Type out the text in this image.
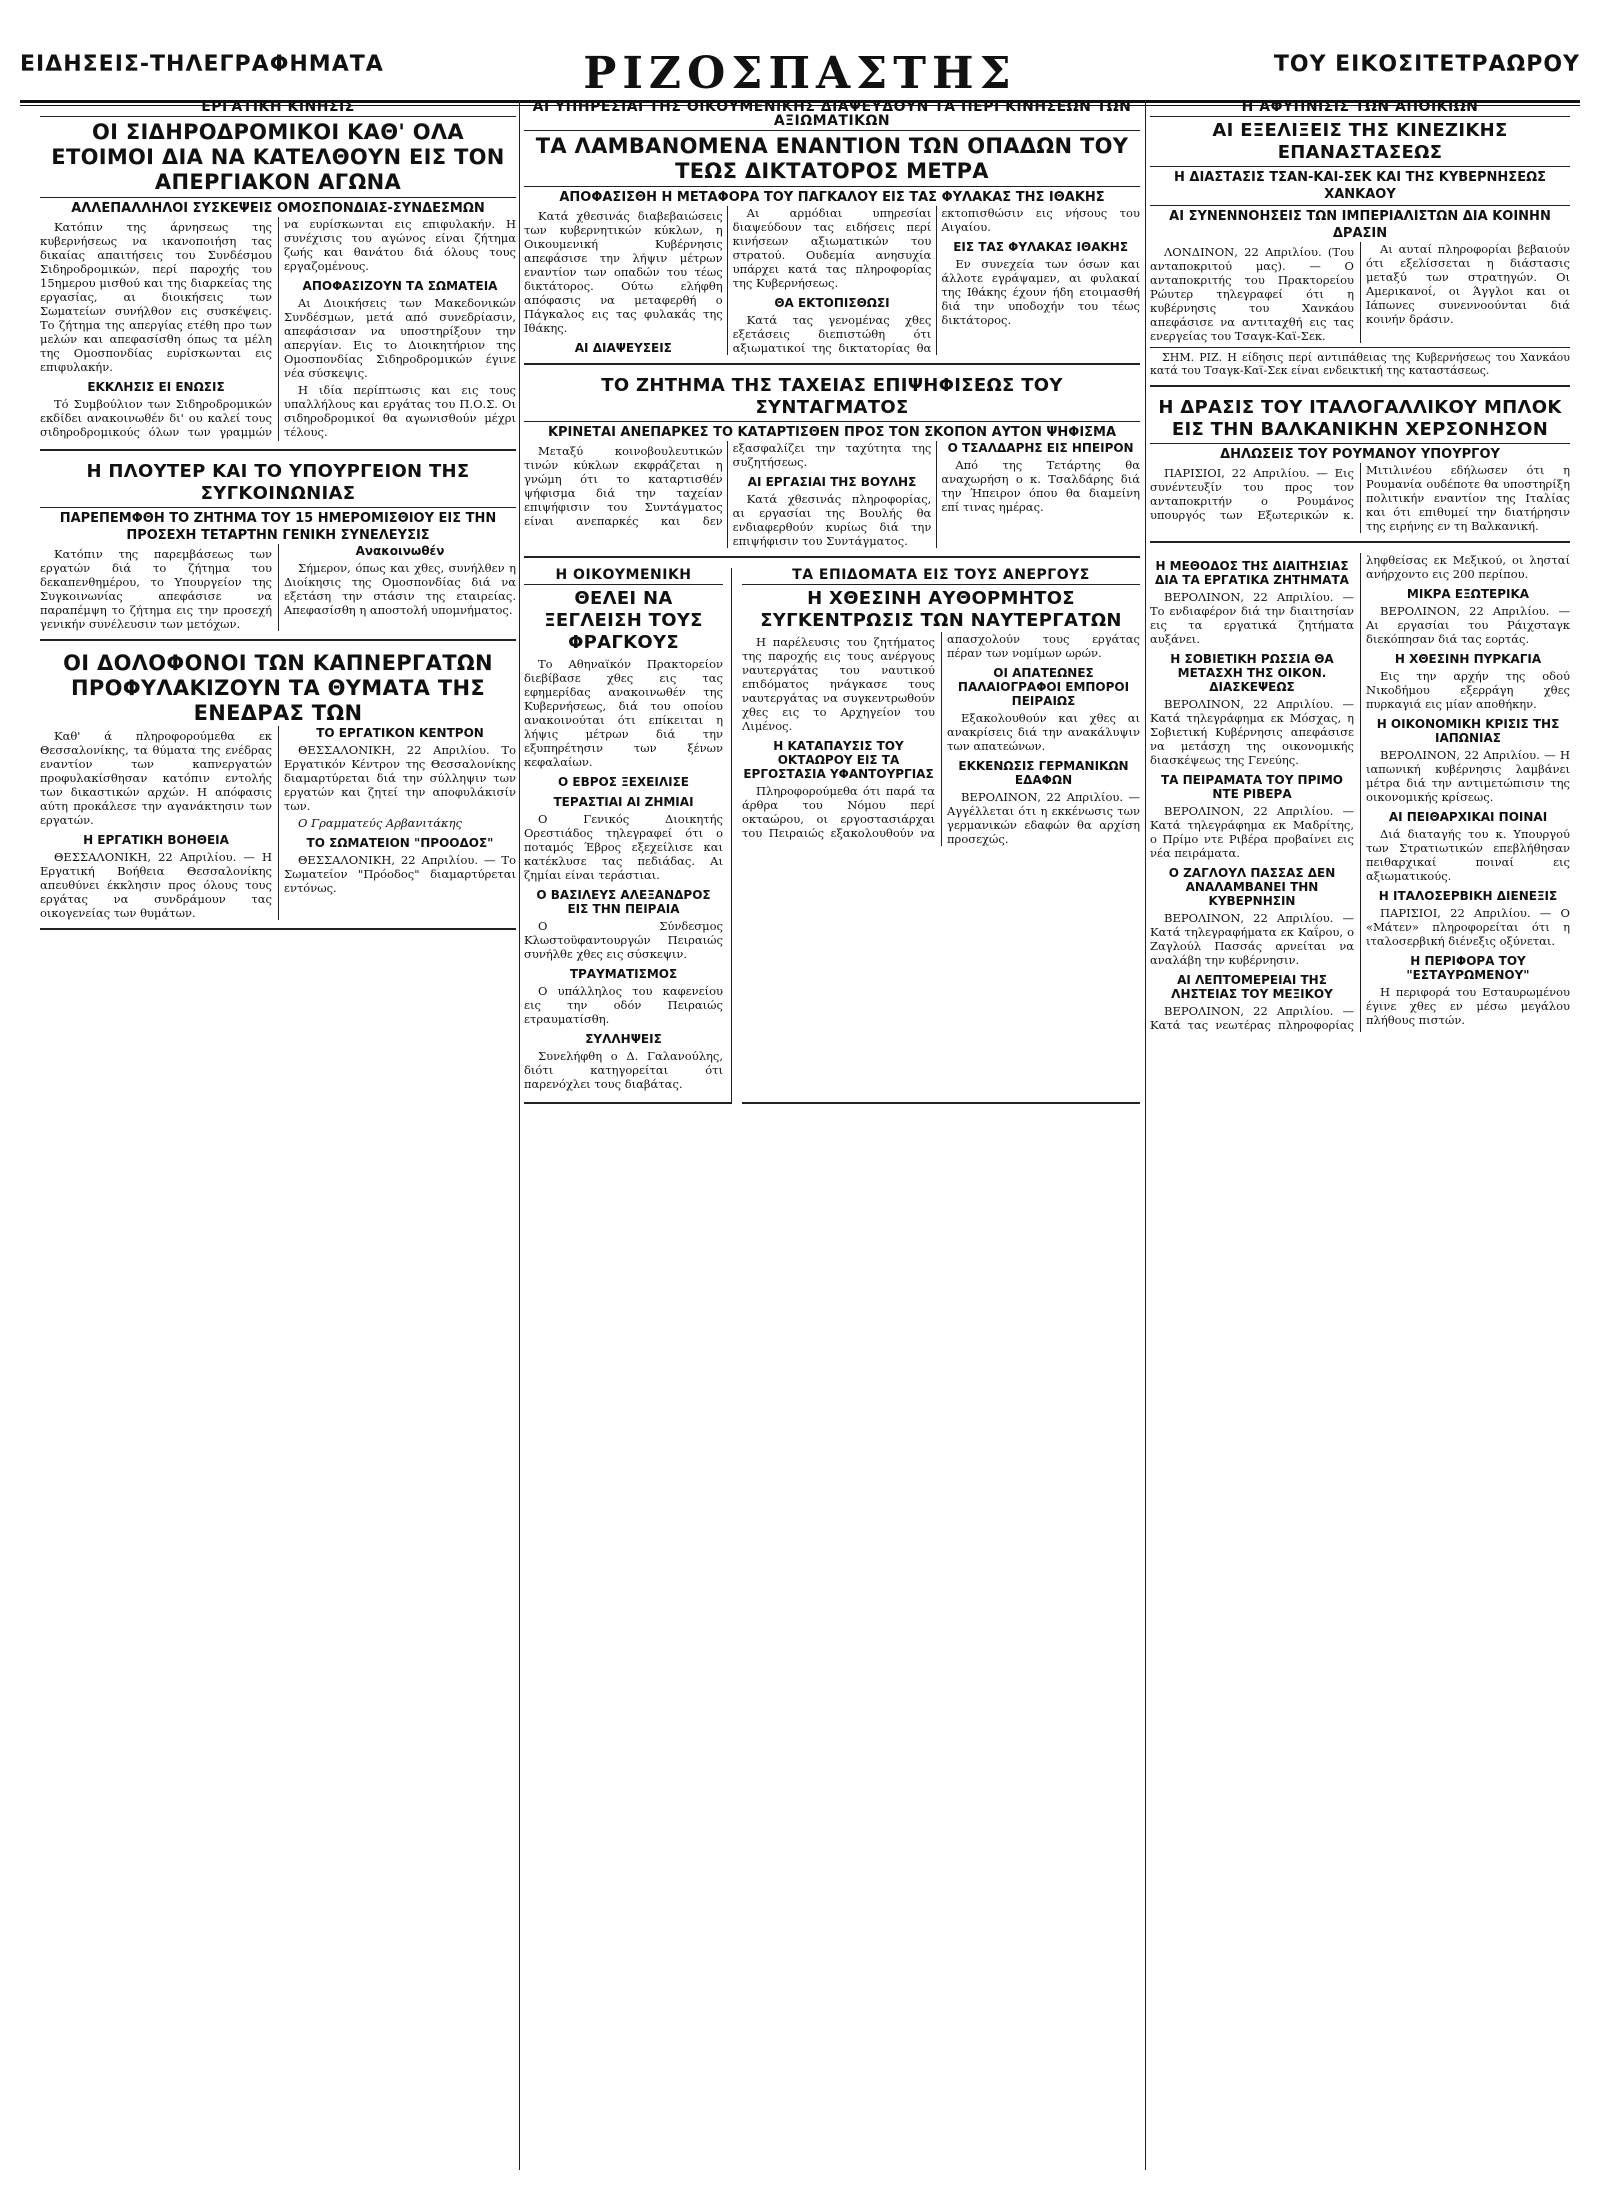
ΕΙΔΗΣΕΙΣ-ΤΗΛΕΓΡΑΦΗΜΑΤΑ	ΡΙΖΟΣΠΑΣΤΗΣ	ΤΟΥ ΕΙΚΟΣΙΤΕΤΡΑΩΡΟΥ
ΕΡΓΑΤΙΚΗ ΚΙΝΗΣΙΣ
ΟΙ ΣΙΔΗΡΟΔΡΟΜΙΚΟΙ ΚΑΘ' ΟΛΑ ΕΤΟΙΜΟΙ ΔΙΑ ΝΑ ΚΑΤΕΛΘΟΥΝ ΕΙΣ ΤΟΝ ΑΠΕΡΓΙΑΚΟΝ ΑΓΩΝΑ
ΑΛΛΕΠΑΛΛΗΛΟΙ ΣΥΣΚΕΨΕΙΣ ΟΜΟΣΠΟΝΔΙΑΣ-ΣΥΝΔΕΣΜΩΝ
Κατόπιν της άρνησεως της κυβερνήσεως να ικανοποιήση τας δικαίας απαιτήσεις του Συνδέσμου Σιδηροδρομικών, περί παροχής του 15ημερου μισθού και της διαρκείας της εργασίας, αι διοικήσεις των Σωματείων συνήλθον εις συσκέψεις. Το ζήτημα της απεργίας ετέθη προ των μελών και απεφασίσθη όπως τα μέλη της Ομοσπονδίας ευρίσκωνται εις επιφυλακήν.
ΕΚΚΛΗΣΙΣ ΕΙ ΕΝΩΣΙΣ
Τό Συμβούλιον των Σιδηροδρομικών εκδίδει ανακοινωθέν δι' ου καλεί τους σιδηροδρομικούς όλων των γραμμών να ευρίσκωνται εις επιφυλακήν. Η συνέχισις του αγώνος είναι ζήτημα ζωής και θανάτου διά όλους τους εργαζομένους.
ΑΠΟΦΑΣΙΖΟΥΝ ΤΑ ΣΩΜΑΤΕΙΑ
Αι Διοικήσεις των Μακεδονικών Συνδέσμων, μετά από συνεδρίασιν, απεφάσισαν να υποστηρίξουν την απεργίαν. Εις το Διοικητήριον της Ομοσπονδίας Σιδηροδρομικών έγινε νέα σύσκεψις.
Η ιδία περίπτωσις και εις τους υπαλλήλους και εργάτας του Π.Ο.Σ. Οι σιδηροδρομικοί θα αγωνισθούν μέχρι τέλους.
Η ΠΛΟΥΤΕΡ ΚΑΙ ΤΟ ΥΠΟΥΡΓΕΙΟΝ ΤΗΣ ΣΥΓΚΟΙΝΩΝΙΑΣ
ΠΑΡΕΠΕΜΦΘΗ ΤΟ ΖΗΤΗΜΑ ΤΟΥ 15 ΗΜΕΡΟΜΙΣΘΙΟΥ ΕΙΣ ΤΗΝ ΠΡΟΣΕΧΗ ΤΕΤΑΡΤΗΝ ΓΕΝΙΚΗ ΣΥΝΕΛΕΥΣΙΣ
Κατόπιν της παρεμβάσεως των εργατών διά το ζήτημα του δεκαπενθημέρου, το Υπουργείον της Συγκοινωνίας απεφάσισε να παραπέμψη το ζήτημα εις την προσεχή γενικήν συνέλευσιν των μετόχων.
Ανακοινωθέν
Σήμερον, όπως και χθες, συνήλθεν η Διοίκησις της Ομοσπονδίας διά να εξετάση την στάσιν της εταιρείας. Απεφασίσθη η αποστολή υπομνήματος.
ΟΙ ΔΟΛΟΦΟΝΟΙ ΤΩΝ ΚΑΠΝΕΡΓΑΤΩΝ ΠΡΟΦΥΛΑΚΙΖΟΥΝ ΤΑ ΘΥΜΑΤΑ ΤΗΣ ΕΝΕΔΡΑΣ ΤΩΝ
Καθ' ά πληροφορούμεθα εκ Θεσσαλονίκης, τα θύματα της ενέδρας εναντίον των καπνεργατών προφυλακίσθησαν κατόπιν εντολής των δικαστικών αρχών. Η απόφασις αύτη προκάλεσε την αγανάκτησιν των εργατών.
Η ΕΡΓΑΤΙΚΗ ΒΟΗΘΕΙΑ
ΘΕΣΣΑΛΟΝΙΚΗ, 22 Απριλίου. — Η Εργατική Βοήθεια Θεσσαλονίκης απευθύνει έκκλησιν προς όλους τους εργάτας να συνδράμουν τας οικογενείας των θυμάτων.
ΤΟ ΕΡΓΑΤΙΚΟΝ ΚΕΝΤΡΟΝ
ΘΕΣΣΑΛΟΝΙΚΗ, 22 Απριλίου. Το Εργατικόν Κέντρον της Θεσσαλονίκης διαμαρτύρεται διά την σύλληψιν των εργατών και ζητεί την αποφυλάκισίν των.
Ο Γραμματεύς Αρβανιτάκης
ΤΟ ΣΩΜΑΤΕΙΟΝ "ΠΡΟΟΔΟΣ"
ΘΕΣΣΑΛΟΝΙΚΗ, 22 Απριλίου. — Το Σωματείον "Πρόοδος" διαμαρτύρεται εντόνως.
ΑΙ ΥΠΗΡΕΣΙΑΙ ΤΗΣ ΟΙΚΟΥΜΕΝΙΚΗΣ ΔΙΑΨΕΥΔΟΥΝ ΤΑ ΠΕΡΙ ΚΙΝΗΣΕΩΝ ΤΩΝ ΑΞΙΩΜΑΤΙΚΩΝ
ΤΑ ΛΑΜΒΑΝΟΜΕΝΑ ΕΝΑΝΤΙΟΝ ΤΩΝ ΟΠΑΔΩΝ ΤΟΥ ΤΕΩΣ ΔΙΚΤΑΤΟΡΟΣ ΜΕΤΡΑ
ΑΠΟΦΑΣΙΣΘΗ Η ΜΕΤΑΦΟΡΑ ΤΟΥ ΠΑΓΚΑΛΟΥ ΕΙΣ ΤΑΣ ΦΥΛΑΚΑΣ ΤΗΣ ΙΘΑΚΗΣ
Κατά χθεσινάς διαβεβαιώσεις των κυβερνητικών κύκλων, η Οικουμενική Κυβέρνησις απεφάσισε την λήψιν μέτρων εναντίον των οπαδών του τέως δικτάτορος. Ούτω ελήφθη απόφασις να μεταφερθή ο Πάγκαλος εις τας φυλακάς της Ιθάκης.
ΑΙ ΔΙΑΨΕΥΣΕΙΣ
Αι αρμόδιαι υπηρεσίαι διαψεύδουν τας ειδήσεις περί κινήσεων αξιωματικών του στρατού. Ουδεμία ανησυχία υπάρχει κατά τας πληροφορίας της Κυβερνήσεως.
ΘΑ ΕΚΤΟΠΙΣΘΩΣΙ
Κατά τας γενομένας χθες εξετάσεις διεπιστώθη ότι αξιωματικοί της δικτατορίας θα εκτοπισθώσιν εις νήσους του Αιγαίου.
ΕΙΣ ΤΑΣ ΦΥΛΑΚΑΣ ΙΘΑΚΗΣ
Εν συνεχεία των όσων και άλλοτε εγράψαμεν, αι φυλακαί της Ιθάκης έχουν ήδη ετοιμασθή διά την υποδοχήν του τέως δικτάτορος.
ΤΟ ΖΗΤΗΜΑ ΤΗΣ ΤΑΧΕΙΑΣ ΕΠΙΨΗΦΙΣΕΩΣ ΤΟΥ ΣΥΝΤΑΓΜΑΤΟΣ
ΚΡΙΝΕΤΑΙ ΑΝΕΠΑΡΚΕΣ ΤΟ ΚΑΤΑΡΤΙΣΘΕΝ ΠΡΟΣ ΤΟΝ ΣΚΟΠΟΝ ΑΥΤΟΝ ΨΗΦΙΣΜΑ
Μεταξύ κοινοβουλευτικών τινών κύκλων εκφράζεται η γνώμη ότι το καταρτισθέν ψήφισμα διά την ταχείαν επιψήφισιν του Συντάγματος είναι ανεπαρκές και δεν εξασφαλίζει την ταχύτητα της συζητήσεως.
ΑΙ ΕΡΓΑΣΙΑΙ ΤΗΣ ΒΟΥΛΗΣ
Κατά χθεσινάς πληροφορίας, αι εργασίαι της Βουλής θα ενδιαφερθούν κυρίως διά την επιψήφισιν του Συντάγματος.
Ο ΤΣΑΛΔΑΡΗΣ ΕΙΣ ΗΠΕΙΡΟΝ
Από της Τετάρτης θα αναχωρήση ο κ. Τσαλδάρης διά την Ήπειρον όπου θα διαμείνη επί τινας ημέρας.
Η ΟΙΚΟΥΜΕΝΙΚΗ
ΘΕΛΕΙ ΝΑ ΞΕΓΛΕΙΣΗ ΤΟΥΣ ΦΡΑΓΚΟΥΣ
Το Αθηναϊκόν Πρακτορείον διεβίβασε χθες εις τας εφημερίδας ανακοινωθέν της Κυβερνήσεως, διά του οποίου ανακοινούται ότι επίκειται η λήψις μέτρων διά την εξυπηρέτησιν των ξένων κεφαλαίων.
Ο ΕΒΡΟΣ ΞΕΧΕΙΛΙΣΕ
ΤΕΡΑΣΤΙΑΙ ΑΙ ΖΗΜΙΑΙ
Ο Γενικός Διοικητής Ορεστιάδος τηλεγραφεί ότι ο ποταμός Έβρος εξεχείλισε και κατέκλυσε τας πεδιάδας. Αι ζημίαι είναι τεράστιαι.
Ο ΒΑΣΙΛΕΥΣ ΑΛΕΞΑΝΔΡΟΣ ΕΙΣ ΤΗΝ ΠΕΙΡΑΙΑ
Ο Σύνδεσμος Κλωστοϋφαντουργών Πειραιώς συνήλθε χθες εις σύσκεψιν.
ΤΡΑΥΜΑΤΙΣΜΟΣ
Ο υπάλληλος του καφενείου εις την οδόν Πειραιώς ετραυματίσθη.
ΣΥΛΛΗΨΕΙΣ
Συνελήφθη ο Δ. Γαλανούλης, διότι κατηγορείται ότι παρενόχλει τους διαβάτας.
ΤΑ ΕΠΙΔΟΜΑΤΑ ΕΙΣ ΤΟΥΣ ΑΝΕΡΓΟΥΣ
Η ΧΘΕΣΙΝΗ ΑΥΘΟΡΜΗΤΟΣ ΣΥΓΚΕΝΤΡΩΣΙΣ ΤΩΝ ΝΑΥΤΕΡΓΑΤΩΝ
Η παρέλευσις του ζητήματος της παροχής εις τους ανέργους ναυτεργάτας του ναυτικού επιδόματος ηνάγκασε τους ναυτεργάτας να συγκεντρωθούν χθες εις το Αρχηγείον του Λιμένος.
Η ΚΑΤΑΠΑΥΣΙΣ ΤΟΥ ΟΚΤΑΩΡΟΥ ΕΙΣ ΤΑ ΕΡΓΟΣΤΑΣΙΑ ΥΦΑΝΤΟΥΡΓΙΑΣ
Πληροφορούμεθα ότι παρά τα άρθρα του Νόμου περί οκταώρου, οι εργοστασιάρχαι του Πειραιώς εξακολουθούν να απασχολούν τους εργάτας πέραν των νομίμων ωρών.
ΟΙ ΑΠΑΤΕΩΝΕΣ ΠΑΛΑΙΟΓΡΑΦΟΙ ΕΜΠΟΡΟΙ ΠΕΙΡΑΙΩΣ
Εξακολουθούν και χθες αι ανακρίσεις διά την ανακάλυψιν των απατεώνων.
ΕΚΚΕΝΩΣΙΣ ΓΕΡΜΑΝΙΚΩΝ ΕΔΑΦΩΝ
ΒΕΡΟΛΙΝΟΝ, 22 Απριλίου. — Αγγέλλεται ότι η εκκένωσις των γερμανικών εδαφών θα αρχίση προσεχώς.
Η ΑΦΥΠΝΙΣΙΣ ΤΩΝ ΑΠΟΙΚΙΩΝ
ΑΙ ΕΞΕΛΙΞΕΙΣ ΤΗΣ ΚΙΝΕΖΙΚΗΣ ΕΠΑΝΑΣΤΑΣΕΩΣ
Η ΔΙΑΣΤΑΣΙΣ ΤΣΑΝ-ΚΑΙ-ΣΕΚ ΚΑΙ ΤΗΣ ΚΥΒΕΡΝΗΣΕΩΣ ΧΑΝΚΑΟΥ
ΑΙ ΣΥΝΕΝΝΟΗΣΕΙΣ ΤΩΝ ΙΜΠΕΡΙΑΛΙΣΤΩΝ ΔΙΑ ΚΟΙΝΗΝ ΔΡΑΣΙΝ
ΛΟΝΔΙΝΟΝ, 22 Απριλίου. (Του ανταποκριτού μας). — Ο ανταποκριτής του Πρακτορείου Ρώυτερ τηλεγραφεί ότι η κυβέρνησις του Χανκάου απεφάσισε να αντιταχθή εις τας ενεργείας του Τσαγκ-Καϊ-Σεκ.
Αι αυταί πληροφορίαι βεβαιούν ότι εξελίσσεται η διάστασις μεταξύ των στρατηγών. Οι Αμερικανοί, οι Άγγλοι και οι Ιάπωνες συνεννοούνται διά κοινήν δράσιν.
ΣΗΜ. ΡΙΖ. Η είδησις περί αντιπάθειας της Κυβερνήσεως του Χανκάου κατά του Τσαγκ-Καϊ-Σεκ είναι ενδεικτική της καταστάσεως.
Η ΔΡΑΣΙΣ ΤΟΥ ΙΤΑΛΟΓΑΛΛΙΚΟΥ ΜΠΛΟΚ ΕΙΣ ΤΗΝ ΒΑΛΚΑΝΙΚΗΝ ΧΕΡΣΟΝΗΣΟΝ
ΔΗΛΩΣΕΙΣ ΤΟΥ ΡΟΥΜΑΝΟΥ ΥΠΟΥΡΓΟΥ
ΠΑΡΙΣΙΟΙ, 22 Απριλίου. — Εις συνέντευξίν του προς τον ανταποκριτήν ο Ρουμάνος υπουργός των Εξωτερικών κ. Μιτιλινέου εδήλωσεν ότι η Ρουμανία ουδέποτε θα υποστηρίξη πολιτικήν εναντίον της Ιταλίας και ότι επιθυμεί την διατήρησιν της ειρήνης εν τη Βαλκανική.
Η ΜΕΘΟΔΟΣ ΤΗΣ ΔΙΑΙΤΗΣΙΑΣ ΔΙΑ ΤΑ ΕΡΓΑΤΙΚΑ ΖΗΤΗΜΑΤΑ
ΒΕΡΟΛΙΝΟΝ, 22 Απριλίου. — Το ενδιαφέρον διά την διαιτησίαν εις τα εργατικά ζητήματα αυξάνει.
Η ΣΟΒΙΕΤΙΚΗ ΡΩΣΣΙΑ ΘΑ ΜΕΤΑΣΧΗ ΤΗΣ ΟΙΚΟΝ. ΔΙΑΣΚΕΨΕΩΣ
ΒΕΡΟΛΙΝΟΝ, 22 Απριλίου. — Κατά τηλεγράφημα εκ Μόσχας, η Σοβιετική Κυβέρνησις απεφάσισε να μετάσχη της οικονομικής διασκέψεως της Γενεύης.
ΤΑ ΠΕΙΡΑΜΑΤΑ ΤΟΥ ΠΡΙΜΟ ΝΤΕ ΡΙΒΕΡΑ
ΒΕΡΟΛΙΝΟΝ, 22 Απριλίου. — Κατά τηλεγράφημα εκ Μαδρίτης, ο Πρίμο ντε Ριβέρα προβαίνει εις νέα πειράματα.
Ο ΖΑΓΛΟΥΛ ΠΑΣΣΑΣ ΔΕΝ ΑΝΑΛΑΜΒΑΝΕΙ ΤΗΝ ΚΥΒΕΡΝΗΣΙΝ
ΒΕΡΟΛΙΝΟΝ, 22 Απριλίου. — Κατά τηλεγραφήματα εκ Καΐρου, ο Ζαγλούλ Πασσάς αρνείται να αναλάβη την κυβέρνησιν.
ΑΙ ΛΕΠΤΟΜΕΡΕΙΑΙ ΤΗΣ ΛΗΣΤΕΙΑΣ ΤΟΥ ΜΕΞΙΚΟΥ
ΒΕΡΟΛΙΝΟΝ, 22 Απριλίου. — Κατά τας νεωτέρας πληροφορίας ληφθείσας εκ Μεξικού, οι λησταί ανήρχοντο εις 200 περίπου.
ΜΙΚΡΑ ΕΞΩΤΕΡΙΚΑ
ΒΕΡΟΛΙΝΟΝ, 22 Απριλίου. — Αι εργασίαι του Ράιχσταγκ διεκόπησαν διά τας εορτάς.
Η ΧΘΕΣΙΝΗ ΠΥΡΚΑΓΙΑ
Εις την αρχήν της οδού Νικοδήμου εξερράγη χθες πυρκαγιά εις μίαν αποθήκην.
Η ΟΙΚΟΝΟΜΙΚΗ ΚΡΙΣΙΣ ΤΗΣ ΙΑΠΩΝΙΑΣ
ΒΕΡΟΛΙΝΟΝ, 22 Απριλίου. — Η ιαπωνική κυβέρνησις λαμβάνει μέτρα διά την αντιμετώπισιν της οικονομικής κρίσεως.
ΑΙ ΠΕΙΘΑΡΧΙΚΑΙ ΠΟΙΝΑΙ
Διά διαταγής του κ. Υπουργού των Στρατιωτικών επεβλήθησαν πειθαρχικαί ποιναί εις αξιωματικούς.
Η ΙΤΑΛΟΣΕΡΒΙΚΗ ΔΙΕΝΕΞΙΣ
ΠΑΡΙΣΙΟΙ, 22 Απριλίου. — Ο «Μάτεν» πληροφορείται ότι η ιταλοσερβική διένεξις οξύνεται.
Η ΠΕΡΙΦΟΡΑ ΤΟΥ "ΕΣΤΑΥΡΩΜΕΝΟΥ"
Η περιφορά του Εσταυρωμένου έγινε χθες εν μέσω μεγάλου πλήθους πιστών.
